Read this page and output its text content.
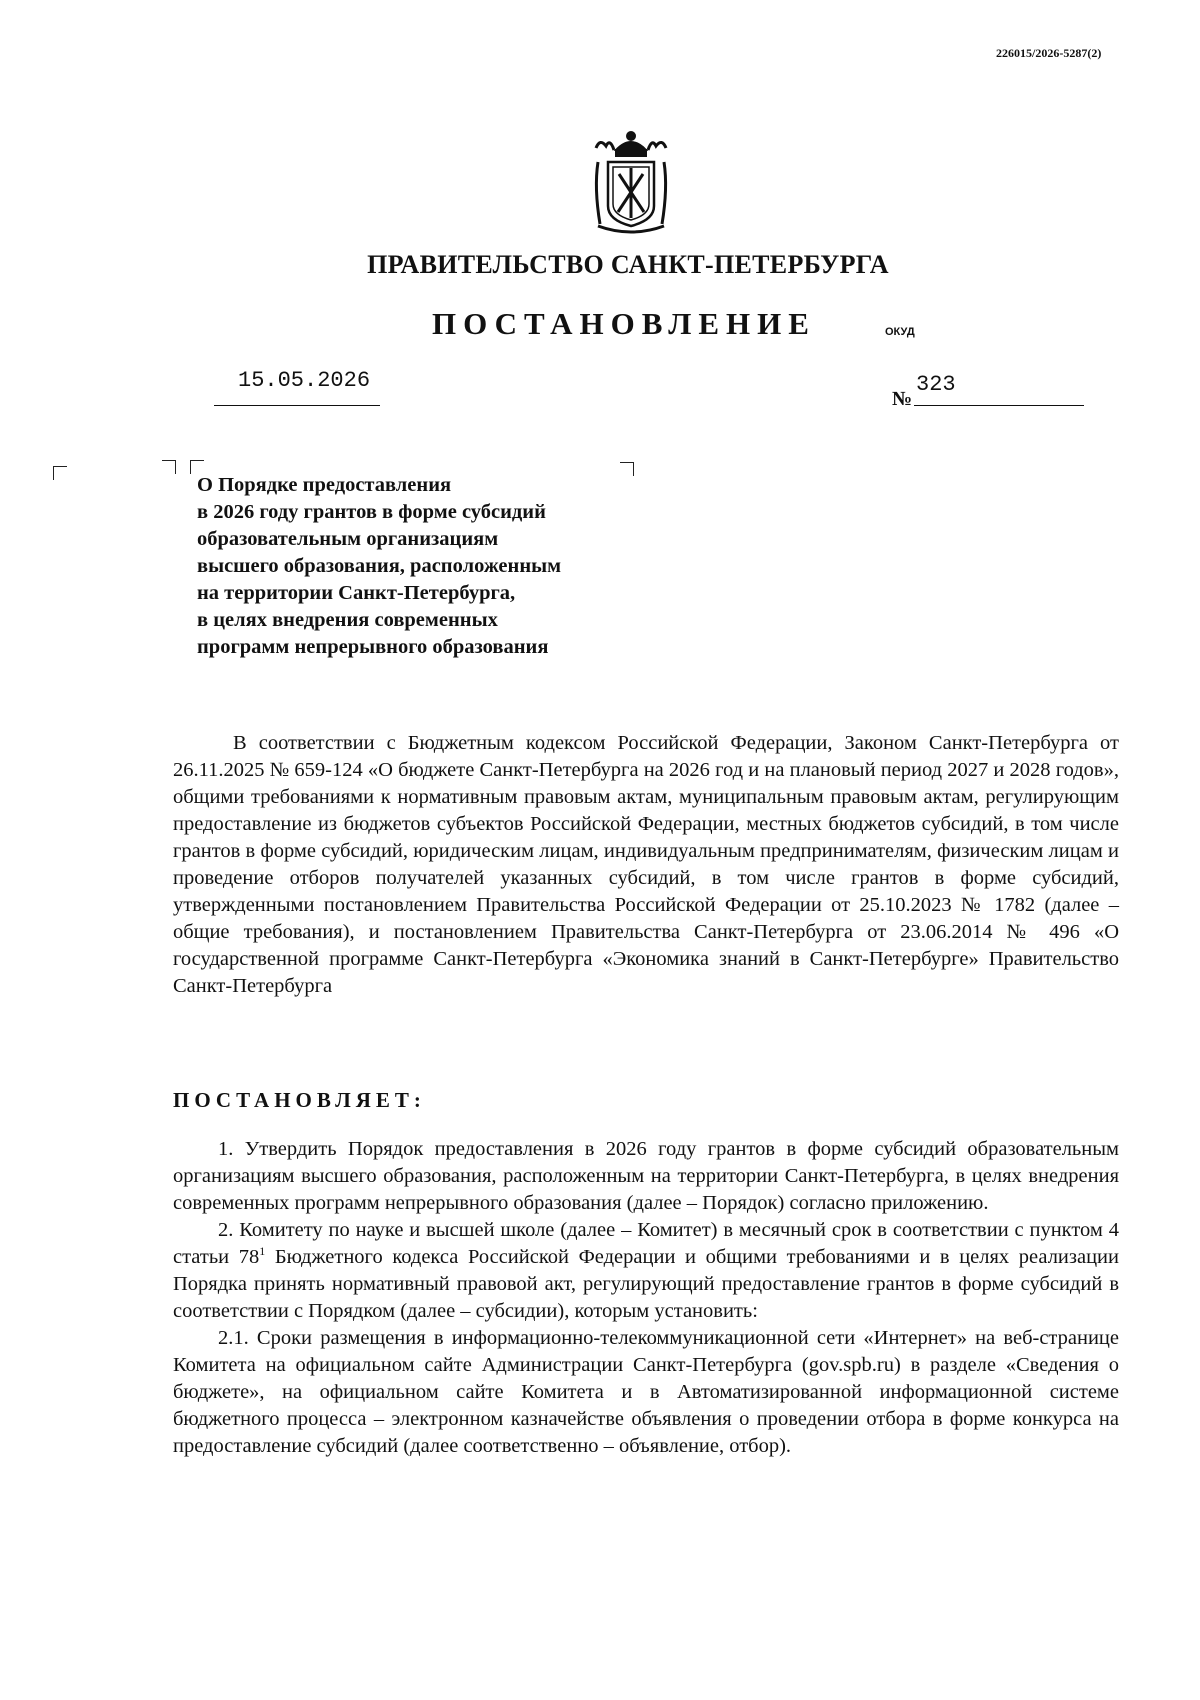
226015/2026-5287(2)
ПРАВИТЕЛЬСТВО САНКТ-ПЕТЕРБУРГА
ПОСТАНОВЛЕНИЕ	ОКУД
15.05.2026
№
323
О Порядке предоставления
в 2026 году грантов в форме субсидий
образовательным организациям
высшего образования, расположенным
на территории Санкт-Петербурга,
в целях внедрения современных
программ непрерывного образования
В соответствии с Бюджетным кодексом Российской Федерации, Законом Санкт-Петербурга от 26.11.2025 № 659-124 «О бюджете Санкт-Петербурга на 2026 год и на плановый период 2027 и 2028 годов», общими требованиями к нормативным правовым актам, муниципальным правовым актам, регулирующим предоставление из бюджетов субъектов Российской Федерации, местных бюджетов субсидий, в том числе грантов в форме субсидий, юридическим лицам, индивидуальным предпринимателям, физическим лицам и проведение отборов получателей указанных субсидий, в том числе грантов в форме субсидий, утвержденными постановлением Правительства Российской Федерации от 25.10.2023 № 1782 (далее – общие требования), и постановлением Правительства Санкт-Петербурга от 23.06.2014 № 496 «О государственной программе Санкт-Петербурга «Экономика знаний в Санкт-Петербурге» Правительство Санкт-Петербурга
ПОСТАНОВЛЯЕТ:

1. Утвердить Порядок предоставления в 2026 году грантов в форме субсидий образовательным организациям высшего образования, расположенным на территории Санкт-Петербурга, в целях внедрения современных программ непрерывного образования (далее – Порядок) согласно приложению.

2. Комитету по науке и высшей школе (далее – Комитет) в месячный срок в соответствии с пунктом 4 статьи $78^1$ Бюджетного кодекса Российской Федерации и общими требованиями и в целях реализации Порядка принять нормативный правовой акт, регулирующий предоставление грантов в форме субсидий в соответствии с Порядком (далее – субсидии), которым установить:

2.1. Сроки размещения в информационно-телекоммуникационной сети «Интернет» на веб-странице Комитета на официальном сайте Администрации Санкт-Петербурга (gov.spb.ru) в разделе «Сведения о бюджете», на официальном сайте Комитета и в Автоматизированной информационной системе бюджетного процесса – электронном казначействе объявления о проведении отбора в форме конкурса на предоставление субсидий (далее соответственно – объявление, отбор).
